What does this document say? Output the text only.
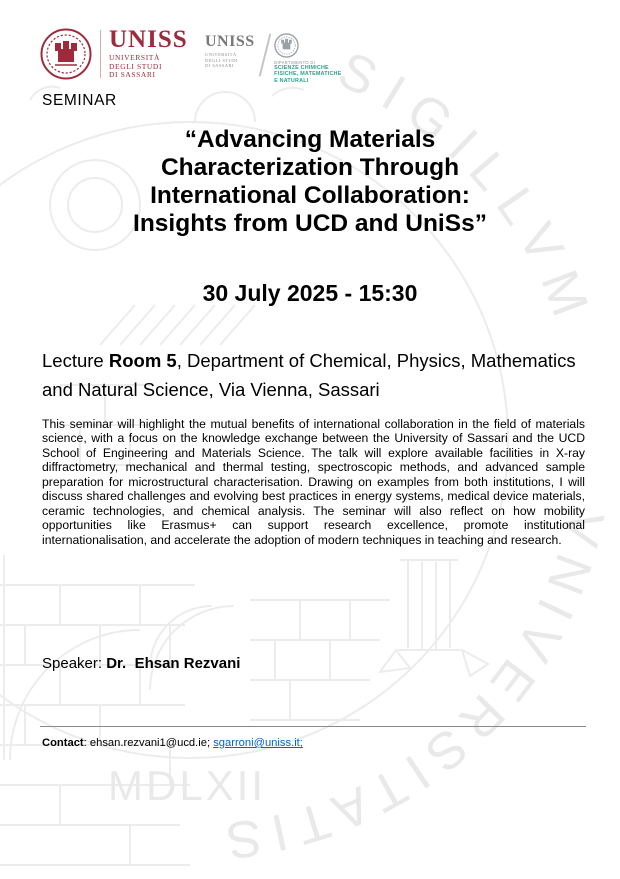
SIGILLVM
VNIVERSITATIS
MDLXII
UNISS
UNIVERSITÀ
DEGLI STUDI
DI SASSARI
UNISS
UNIVERSITÀ
DEGLI STUDI
DI SASSARI
DIPARTIMENTO DI
SCIENZE CHIMICHE
FISICHE, MATEMATICHE
E NATURALI
SEMINAR
“Advancing Materials
Characterization Through
International Collaboration:
Insights from UCD and UniSs”
30 July 2025 - 15:30
Lecture Room 5, Department of Chemical, Physics, Mathematics and Natural Science, Via Vienna, Sassari
This seminar will highlight the mutual benefits of international collaboration in the field of materials science, with a focus on the knowledge exchange between the University of Sassari and the UCD School of Engineering and Materials Science. The talk will explore available facilities in X-ray diffractometry, mechanical and thermal testing, spectroscopic methods, and advanced sample preparation for microstructural characterisation. Drawing on examples from both institutions, I will discuss shared challenges and evolving best practices in energy systems, medical device materials, ceramic technologies, and chemical analysis. The seminar will also reflect on how mobility opportunities like Erasmus+ can support research excellence, promote institutional internationalisation, and accelerate the adoption of modern techniques in teaching and research.
Speaker: Dr.  Ehsan Rezvani
Contact: ehsan.rezvani1@ucd.ie; sgarroni@uniss.it;
